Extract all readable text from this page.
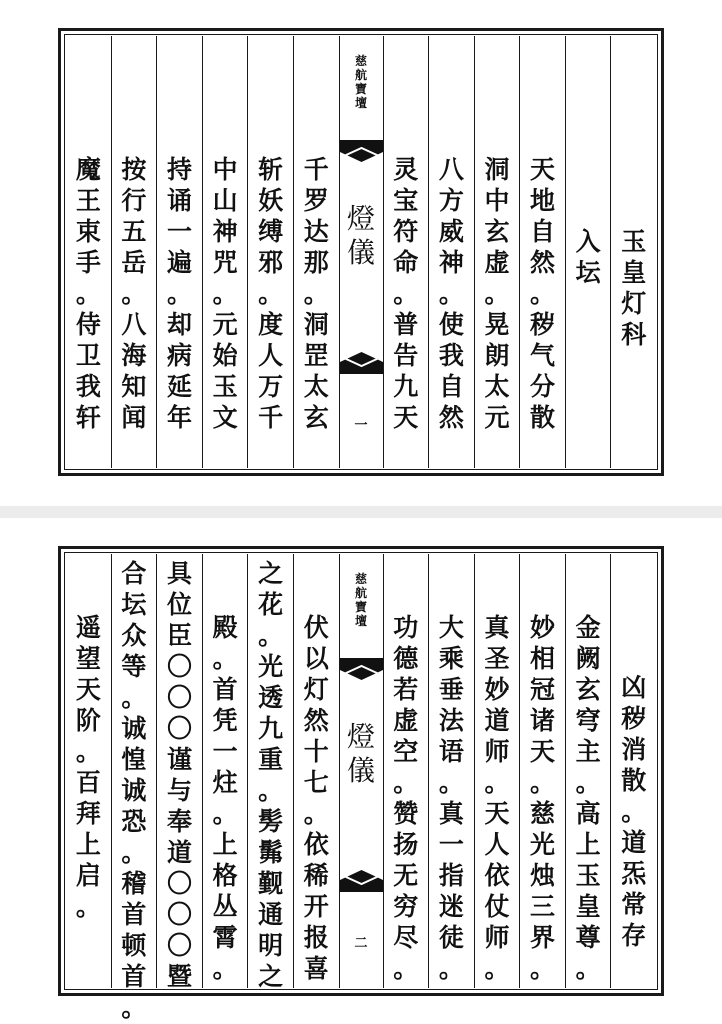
玉
皇
灯
科
入
坛
天
地
自
然
。
秽
气
分
散
洞
中
玄
虚
。
晃
朗
太
元
八
方
威
神
。
使
我
自
然
灵
宝
符
命
。
普
告
九
天
慈
航
寶
壇
燈
儀
一
千
罗
达
那
。
洞
罡
太
玄
斩
妖
缚
邪
。
度
人
万
千
中
山
神
咒
。
元
始
玉
文
持
诵
一
遍
。
却
病
延
年
按
行
五
岳
。
八
海
知
闻
魔
王
束
手
。
侍
卫
我
轩
凶
秽
消
散
。
道
炁
常
存
金
阙
玄
穹
主
。
高
上
玉
皇
尊
。
妙
相
冠
诸
天
。
慈
光
烛
三
界
。
真
圣
妙
道
师
。
天
人
依
仗
师
。
大
乘
垂
法
语
。
真
一
指
迷
徒
。
功
德
若
虚
空
。
赞
扬
无
穷
尽
。
慈
航
寶
壇
燈
儀
二
伏
以
灯
然
十
七
。
依
稀
开
报
喜
之
花
。
光
透
九
重
。
髣
髴
觐
通
明
之
殿
。
首
凭
一
炷
。
上
格
丛
霄
。
具
位
臣
〇
〇
〇
谨
与
奉
道
〇
〇
〇
暨
合
坛
众
等
。
诚
惶
诚
恐
。
稽
首
顿
首
。
遥
望
天
阶
。
百
拜
上
启
。
